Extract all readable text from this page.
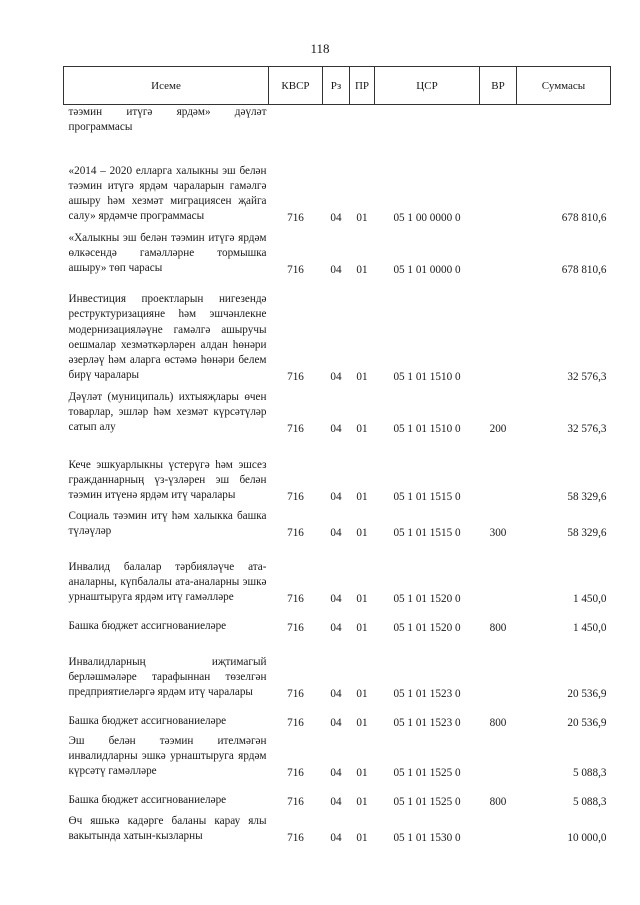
118
Исеме	КВСР	Рз	ПР	ЦСР	ВР	Суммасы
тәэмин итүгә ярдәм» дәүләт программасы						
«2014 – 2020 елларга халыкны эш белән тәэмин итүгә ярдәм чараларын гамәлгә ашыру һәм хезмәт миграциясен җайга салу» ярдәмче программасы	716	04	01	05 1 00 0000 0		678 810,6
«Халыкны эш белән тәэмин итүгә ярдәм өлкәсендә гамәлләрне тормышка ашыру» төп чарасы	716	04	01	05 1 01 0000 0		678 810,6
Инвестиция проектларын нигезендә реструктуризацияне һәм эшчәнлекне модернизацияләүне гамәлгә ашыручы оешмалар хезмәткәрләрен алдан һөнәри әзерләү һәм аларга өстәмә һөнәри белем бирү чаралары	716	04	01	05 1 01 1510 0		32 576,3
Дәүләт (муниципаль) ихтыяҗлары өчен товарлар, эшләр һәм хезмәт күрсәтүләр сатып алу	716	04	01	05 1 01 1510 0	200	32 576,3
Кече эшкуарлыкны үстерүгә һәм эшсез гражданнарның үз-үзләрен эш белән тәэмин итүенә ярдәм итү чаралары	716	04	01	05 1 01 1515 0		58 329,6
Социаль тәэмин итү һәм халыкка башка түләүләр	716	04	01	05 1 01 1515 0	300	58 329,6
Инвалид балалар тәрбияләүче ата-аналарны, күпбалалы ата-аналарны эшкә урнаштыруга ярдәм итү гамәлләре	716	04	01	05 1 01 1520 0		1 450,0
Башка бюджет ассигнованиеләре	716	04	01	05 1 01 1520 0	800	1 450,0
Инвалидларның иҗтимагый берләшмәләре тарафыннан төзелгән предприятиеләргә ярдәм итү чаралары	716	04	01	05 1 01 1523 0		20 536,9
Башка бюджет ассигнованиеләре	716	04	01	05 1 01 1523 0	800	20 536,9
Эш белән тәэмин ителмәгән инвалидларны эшкә урнаштыруга ярдәм күрсәтү гамәлләре	716	04	01	05 1 01 1525 0		5 088,3
Башка бюджет ассигнованиеләре	716	04	01	05 1 01 1525 0	800	5 088,3
Өч яшькә кадәрге баланы карау ялы вакытында хатын-кызларны	716	04	01	05 1 01 1530 0		10 000,0
